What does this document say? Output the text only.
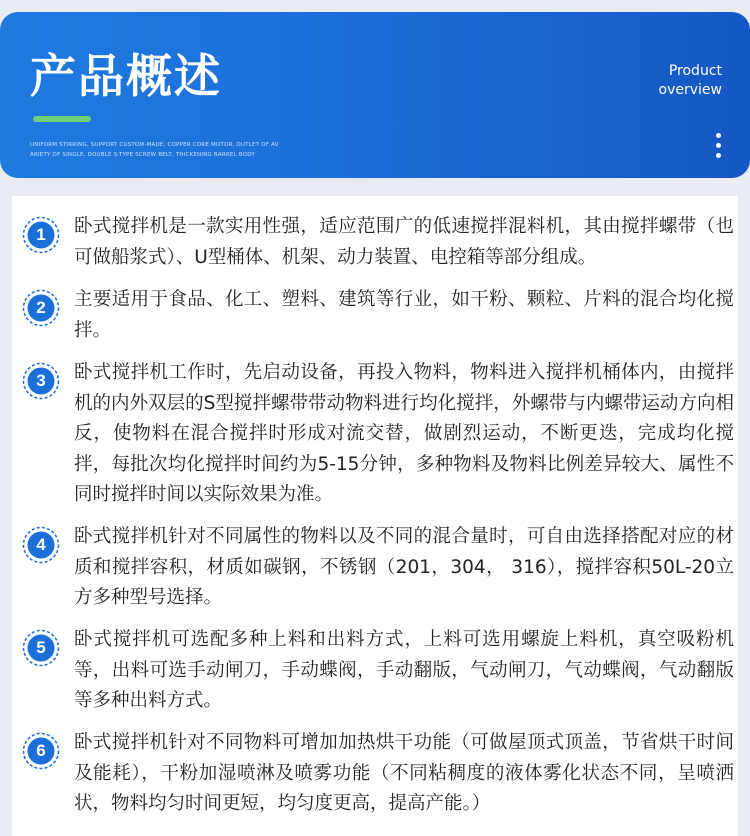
产品概述
UNIFORM STIRRING, SUPPORT CUSTOM-MADE, COPPER CORE MOTOR, OUTLET OF AV ARIETY OF SINGLE, DOUBLE S-TYPE SCREW BELT, THICKENING BARREL BODY
Product
overview
1	卧式搅拌机是一款实用性强，适应范围广的低速搅拌混料机，其由搅拌螺带（也可做船浆式）、U型桶体、机架、动力装置、电控箱等部分组成。
2	主要适用于食品、化工、塑料、建筑等行业，如干粉、颗粒、片料的混合均化搅拌。
3	卧式搅拌机工作时，先启动设备，再投入物料，物料进入搅拌机桶体内，由搅拌机的内外双层的S型搅拌螺带带动物料进行均化搅拌，外螺带与内螺带运动方向相反，使物料在混合搅拌时形成对流交替，做剧烈运动，不断更迭，完成均化搅拌，每批次均化搅拌时间约为5-15分钟，多种物料及物料比例差异较大、属性不同时搅拌时间以实际效果为准。
4	卧式搅拌机针对不同属性的物料以及不同的混合量时，可自由选择搭配对应的材质和搅拌容积，材质如碳钢，不锈钢（201，304， 316），搅拌容积50L-20立方多种型号选择。
5	卧式搅拌机可选配多种上料和出料方式，上料可选用螺旋上料机，真空吸粉机等，出料可选手动闸刀，手动蝶阀，手动翻版，气动闸刀，气动蝶阀，气动翻版等多种出料方式。
6	卧式搅拌机针对不同物料可增加加热烘干功能（可做屋顶式顶盖，节省烘干时间及能耗），干粉加湿喷淋及喷雾功能（不同粘稠度的液体雾化状态不同，呈喷洒状，物料均匀时间更短，均匀度更高，提高产能。）
